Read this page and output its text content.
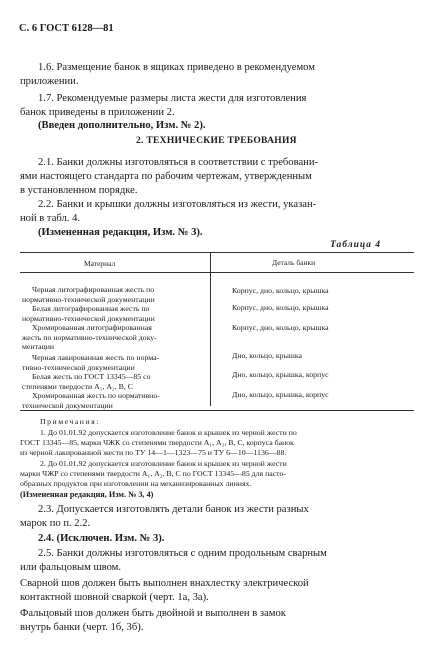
С. 6 ГОСТ 6128—81
1.6. Размещение банок в ящиках приведено в рекомендуемом
приложении.
1.7. Рекомендуемые размеры листа жести для изготовления
банок приведены в приложении 2.
(Введен дополнительно, Изм. № 2).
2. ТЕХНИЧЕСКИЕ ТРЕБОВАНИЯ
2.1. Банки должны изготовляться в соответствии с требовани-
ями настоящего стандарта по рабочим чертежам, утвержденным
в установленном порядке.
2.2. Банки и крышки должны изготовляться из жести, указан-
ной в табл. 4.
(Измененная редакция, Изм. № 3).
Таблица 4
Материал	Деталь банки
Черная литографированная жесть по
нормативно-технической документации
Корпус, дно, кольцо, крышка
Белая литографированная жесть по
нормативно-технической документации
Корпус, дно, кольцо, крышка
Хромированная литографированная
жесть по нормативно-технической доку-
ментации
Корпус, дно, кольцо, крышка
Черная лакированная жесть по норма-
тивно-технической документации
Дно, кольцо, крышка
Белая жесть по ГОСТ 13345—85 со
степенями твердости А₁, А₂, В, С
Дно, кольцо, крышка, корпус
Хромированная жесть по нормативно-
технической документации
Дно, кольцо, крышка, корпус
Примечания:
1. До 01.01.92 допускается изготовление банок и крышек из черной жести по
ГОСТ 13345—85, марки ЧЖК со степенями твердости А₁, А₂, В, С, корпуса банок
из черной лакированной жести по ТУ 14—1—1323—75 и ТУ 6—10—1136—88.
2. До 01.01.92 допускается изготовление банок и крышек из черной жести
марки ЧЖР со степенями твердости А₁, А₂, В, С по ГОСТ 13345—85 для пасто-
образных продуктов при изготовлении на механизированных линиях.
(Измененная редакция, Изм. № 3, 4)
2.3. Допускается изготовлять детали банок из жести разных
марок по п. 2.2.
2.4. (Исключен. Изм. № 3).
2.5. Банки должны изготовляться с одним продольным сварным
или фальцовым швом.
Сварной шов должен быть выполнен внахлестку электрической
контактной шовной сваркой (черт. 1а, 3а).
Фальцовый шов должен быть двойной и выполнен в замок
внутрь банки (черт. 1б, 3б).
